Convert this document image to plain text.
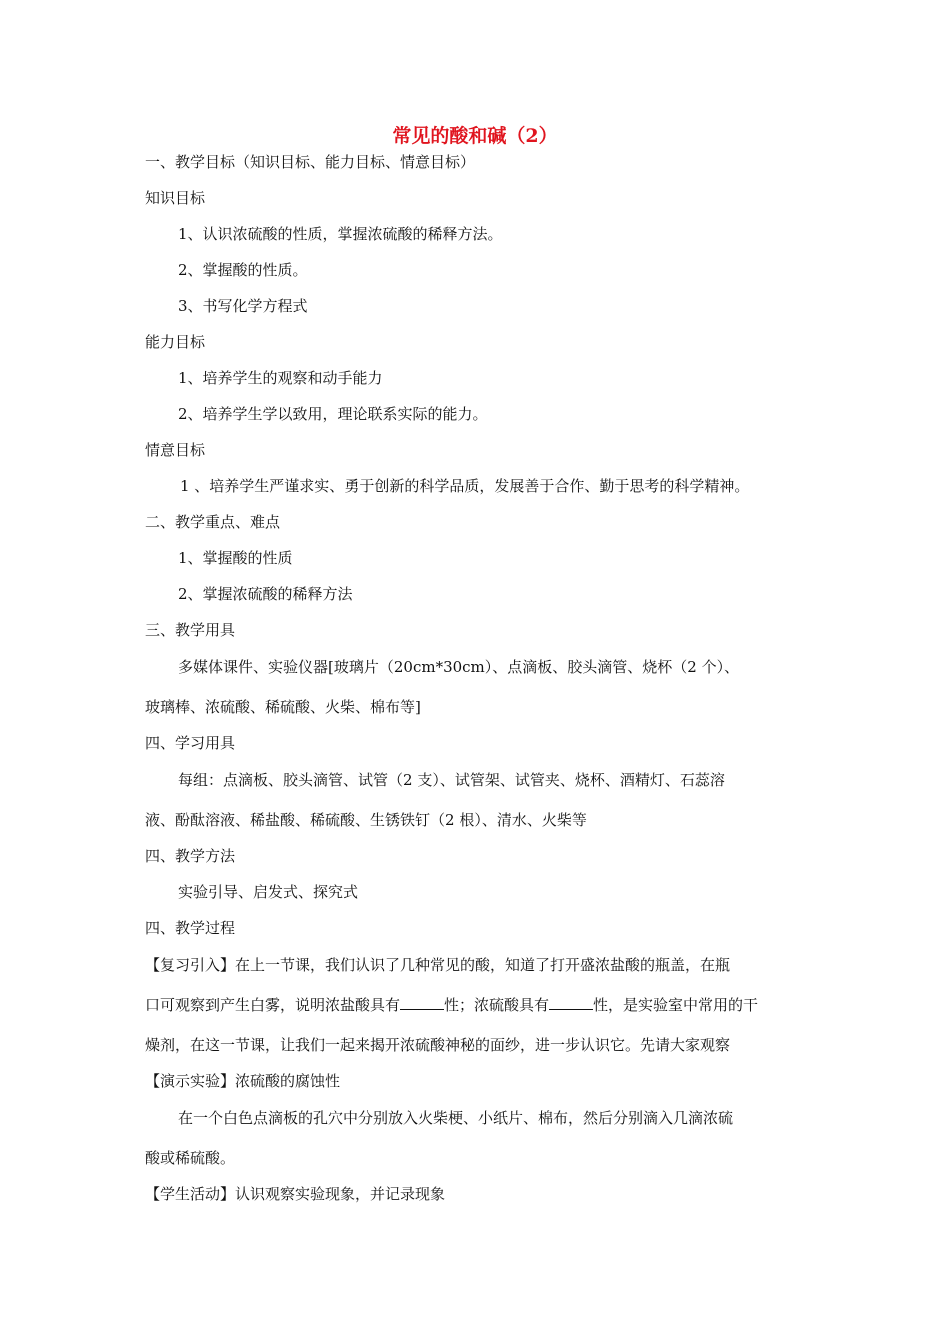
常见的酸和碱（2）
一、教学目标（知识目标、能力目标、情意目标）
知识目标
1、认识浓硫酸的性质，掌握浓硫酸的稀释方法。
2、掌握酸的性质。
3、书写化学方程式
能力目标
1、培养学生的观察和动手能力
2、培养学生学以致用，理论联系实际的能力。
情意目标
1 、培养学生严谨求实、勇于创新的科学品质，发展善于合作、勤于思考的科学精神。
二、教学重点、难点
1、掌握酸的性质
2、掌握浓硫酸的稀释方法
三、教学用具
多媒体课件、实验仪器[玻璃片（20cm*30cm）、点滴板、胶头滴管、烧杯（2 个）、
玻璃棒、浓硫酸、稀硫酸、火柴、棉布等]
四、学习用具
每组：点滴板、胶头滴管、试管（2 支）、试管架、试管夹、烧杯、酒精灯、石蕊溶
液、酚酞溶液、稀盐酸、稀硫酸、生锈铁钉（2 根）、清水、火柴等
四、教学方法
实验引导、启发式、探究式
四、教学过程
【复习引入】在上一节课，我们认识了几种常见的酸，知道了打开盛浓盐酸的瓶盖，在瓶
口可观察到产生白雾，说明浓盐酸具有	性；浓硫酸具有	性，是实验室中常用的干
燥剂，在这一节课，让我们一起来揭开浓硫酸神秘的面纱，进一步认识它。先请大家观察
【演示实验】浓硫酸的腐蚀性
在一个白色点滴板的孔穴中分别放入火柴梗、小纸片、棉布，然后分别滴入几滴浓硫
酸或稀硫酸。
【学生活动】认识观察实验现象，并记录现象
